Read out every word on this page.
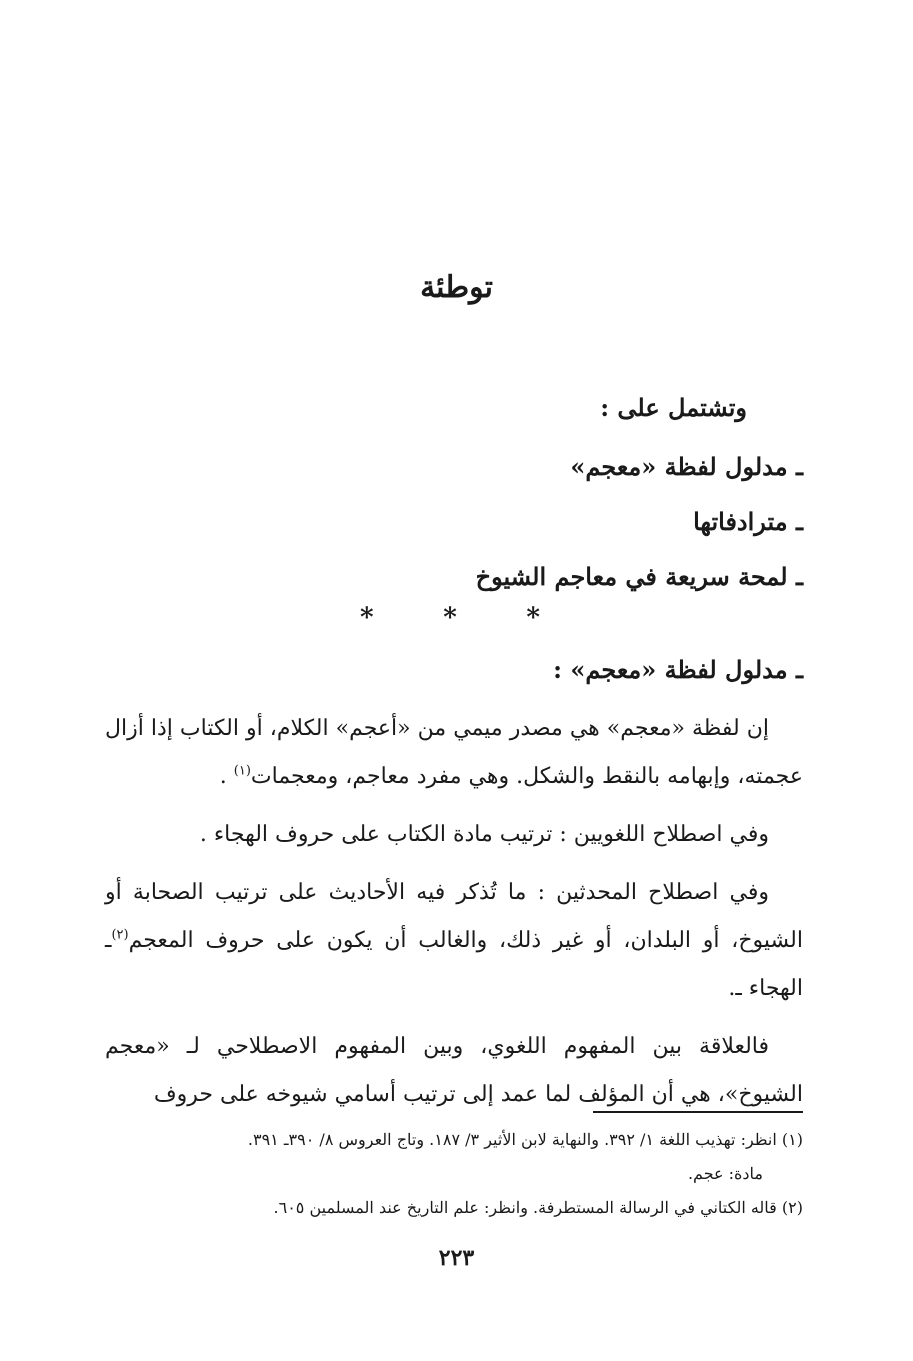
توطئة
وتشتمل على :
ـ مدلول لفظة «معجم»
ـ مترادفاتها
ـ لمحة سريعة في معاجم الشيوخ
*
*
*
ـ مدلول لفظة «معجم» :

إن لفظة «معجم» هي مصدر ميمي من «أعجم» الكلام، أو الكتاب إذا أزال عجمته، وإبهامه بالنقط والشكل. وهي مفرد معاجم، ومعجمات$^{(١)}$ .

وفي اصطلاح اللغويين : ترتيب مادة الكتاب على حروف الهجاء .

وفي اصطلاح المحدثين : ما تُذكر فيه الأحاديث على ترتيب الصحابة أو الشيوخ، أو البلدان، أو غير ذلك، والغالب أن يكون على حروف المعجم$^{(٢)}$ـ الهجاء ـ.

فالعلاقة بين المفهوم اللغوي، وبين المفهوم الاصطلاحي لـ «معجم الشيوخ»، هي أن المؤلف لما عمد إلى ترتيب أسامي شيوخه على حروف

(١) انظر: تهذيب اللغة ١/ ٣٩٢. والنهاية لابن الأثير ٣/ ١٨٧. وتاج العروس ٨/ ٣٩٠ـ ٣٩١.
مادة: عجم.
(٢) قاله الكتاني في الرسالة المستطرفة. وانظر: علم التاريخ عند المسلمين ٦٠٥.
٢٢٣
